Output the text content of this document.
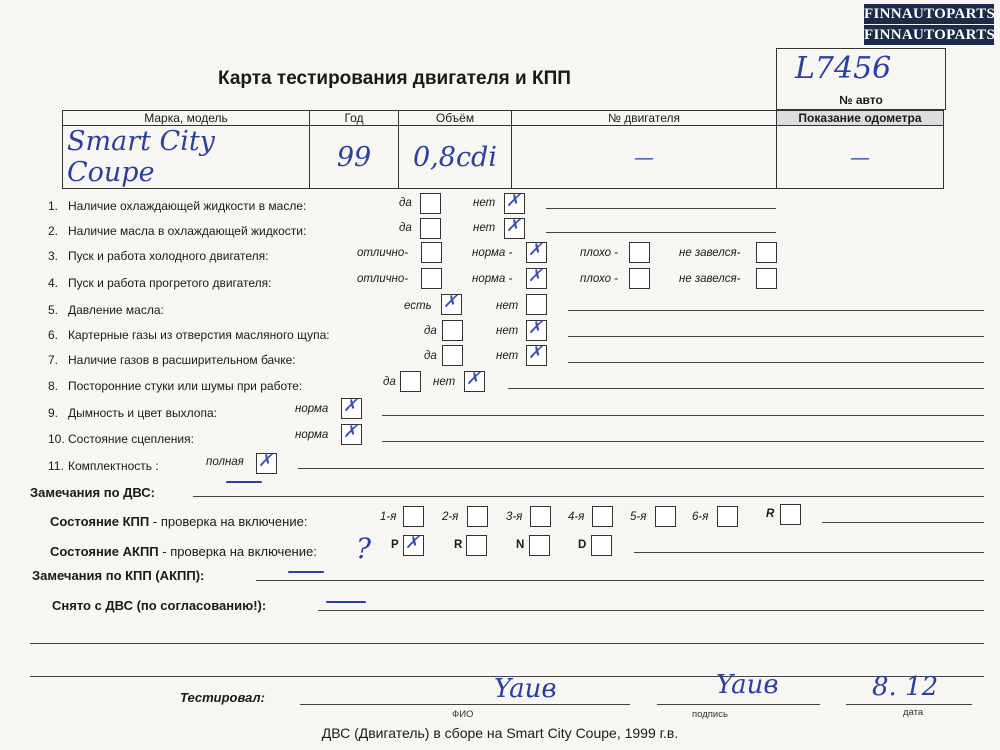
FINNAUTOPARTS
FINNAUTOPARTS
Карта тестирования двигателя и КПП	L7456
№ авто
Марка, модель	Год	Объём	№ двигателя	Показание одометра
Smart City Coupe	99	0,8cdi	—	—
1. Наличие охлаждающей жидкости в масле:	да	нет ✗
2. Наличие масла в охлаждающей жидкости:	да	нет ✗
3. Пуск и работа холодного двигателя:	отлично-	норма - ✗	плохо -	не завелся-
4. Пуск и работа прогретого двигателя:	отлично-	норма - ✗	плохо -	не завелся-
5. Давление масла:	есть ✗	нет
6. Картерные газы из отверстия масляного щупа:	да	нет ✗
7. Наличие газов в расширительном бачке:	да	нет ✗
8. Посторонние стуки или шумы при работе:	да	нет ✗
9. Дымность и цвет выхлопа:	норма ✗
10. Состояние сцепления:	норма ✗
11. Комплектность :	полная ✗
Замечания по ДВС:
Состояние КПП - проверка на включение:	1-я	2-я	3-я	4-я	5-я	6-я	R
Состояние АКПП - проверка на включение: ? P ✗	R	N	D
Замечания по КПП (АКПП):
Снято с ДВС (по согласованию!):
Тестировал:	Yaив	Yaив	8. 12
ФИО	подпись	дата
ДВС (Двигатель) в сборе на Smart City Coupe, 1999 г.в.
